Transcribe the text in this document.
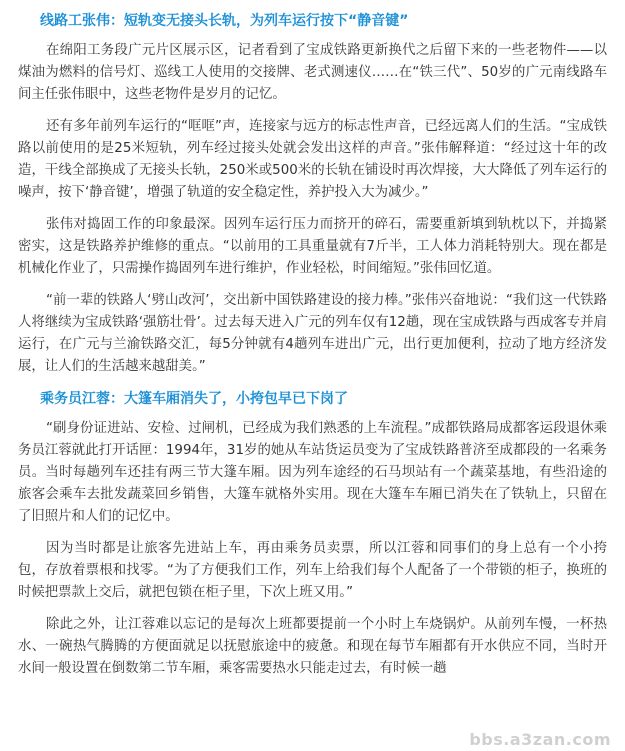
线路工张伟：短轨变无接头长轨，为列车运行按下“静音键”

在绵阳工务段广元片区展示区，记者看到了宝成铁路更新换代之后留下来的一些老物件——以煤油为燃料的信号灯、巡线工人使用的交接牌、老式测速仪……在“铁三代”、50岁的广元南线路车间主任张伟眼中，这些老物件是岁月的记忆。

还有多年前列车运行的“哐哐”声，连接家与远方的标志性声音，已经远离人们的生活。“宝成铁路以前使用的是25米短轨，列车经过接头处就会发出这样的声音。”张伟解释道：“经过这十年的改造，干线全部换成了无接头长轨，250米或500米的长轨在铺设时再次焊接，大大降低了列车运行的噪声，按下‘静音键’，增强了轨道的安全稳定性，养护投入大为减少。”

张伟对捣固工作的印象最深。因列车运行压力而挤开的碎石，需要重新填到轨枕以下，并捣紧密实，这是铁路养护维修的重点。“以前用的工具重量就有7斤半，工人体力消耗特别大。现在都是机械化作业了，只需操作捣固列车进行维护，作业轻松，时间缩短。”张伟回忆道。

“前一辈的铁路人‘劈山改河’，交出新中国铁路建设的接力棒。”张伟兴奋地说：“我们这一代铁路人将继续为宝成铁路‘强筋壮骨’。过去每天进入广元的列车仅有12趟，现在宝成铁路与西成客专并肩运行，在广元与兰渝铁路交汇，每5分钟就有4趟列车进出广元，出行更加便利，拉动了地方经济发展，让人们的生活越来越甜美。”

乘务员江蓉：大篷车厢消失了，小挎包早已下岗了

“刷身份证进站、安检、过闸机，已经成为我们熟悉的上车流程。”成都铁路局成都客运段退休乘务员江蓉就此打开话匣：1994年，31岁的她从车站货运员变为了宝成铁路普济至成都段的一名乘务员。当时每趟列车还挂有两三节大篷车厢。因为列车途经的石马坝站有一个蔬菜基地，有些沿途的旅客会乘车去批发蔬菜回乡销售，大篷车就格外实用。现在大篷车车厢已消失在了铁轨上，只留在了旧照片和人们的记忆中。

因为当时都是让旅客先进站上车，再由乘务员卖票，所以江蓉和同事们的身上总有一个小挎包，存放着票根和找零。“为了方便我们工作，列车上给我们每个人配备了一个带锁的柜子，换班的时候把票款上交后，就把包锁在柜子里，下次上班又用。”

除此之外，让江蓉难以忘记的是每次上班都要提前一个小时上车烧锅炉。从前列车慢，一杯热水、一碗热气腾腾的方便面就足以抚慰旅途中的疲惫。和现在每节车厢都有开水供应不同，当时开水间一般设置在倒数第二节车厢，乘客需要热水只能走过去，有时候一趟

bbs.a3zan.com
